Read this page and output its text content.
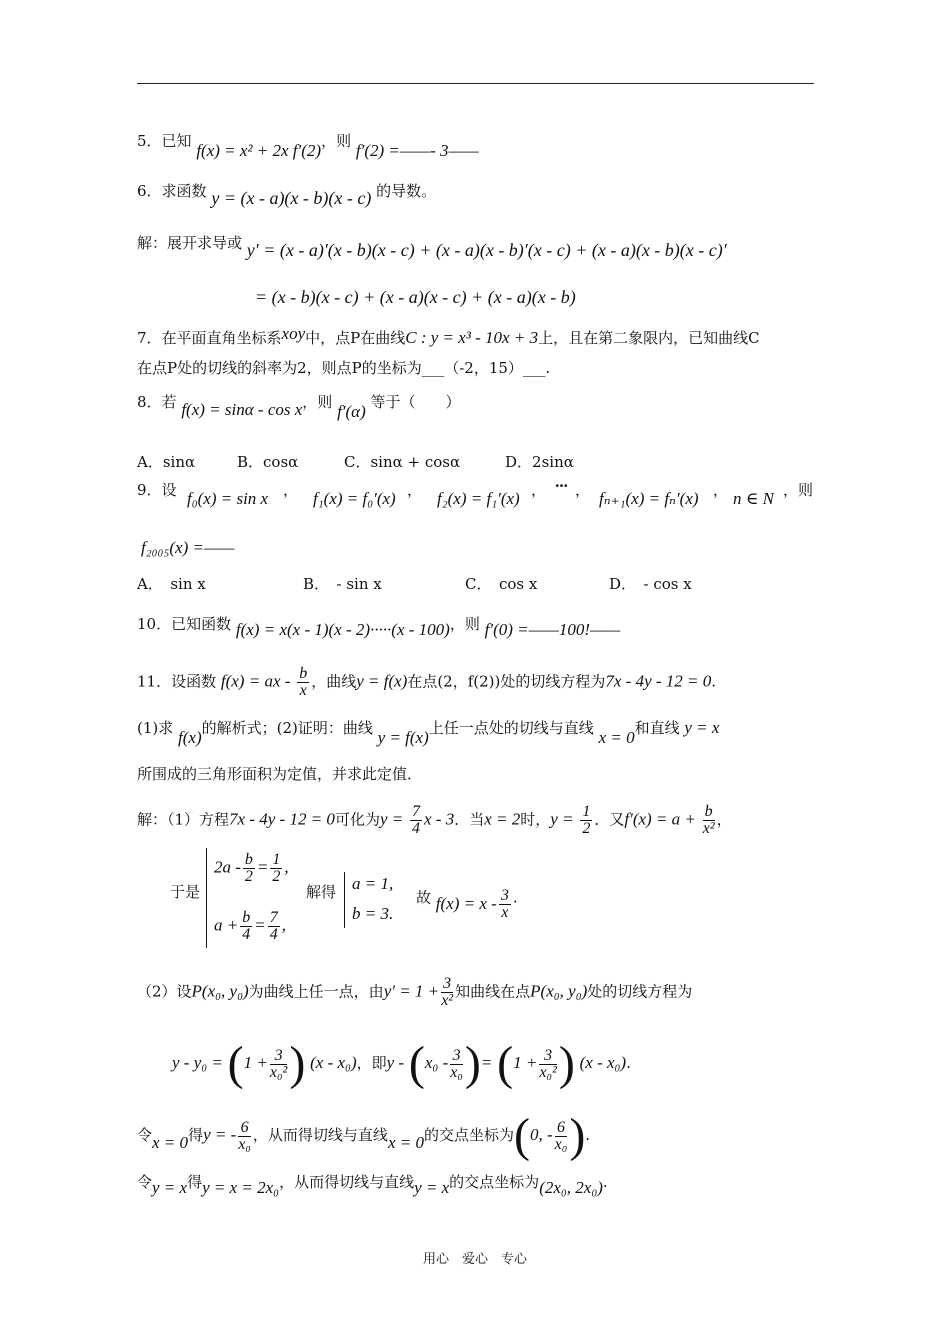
5．已知 f(x) = x² + 2x f′(2)，则 f′(2) =——- 3——
6．求函数 y = (x - a)(x - b)(x - c) 的导数。
解：展开求导或 y′ = (x - a)′(x - b)(x - c) + (x - a)(x - b)′(x - c) + (x - a)(x - b)(x - c)′
= (x - b)(x - c) + (x - a)(x - c) + (x - a)(x - b)
7．在平面直角坐标系xoy中，点P在曲线C : y = x³ - 10x + 3上，且在第二象限内，已知曲线C
在点P处的切线的斜率为2，则点P的坐标为___（-2，15）___.
8．若 f(x) = sinα - cos x，则 f′(α) 等于（　　）
A．sinα	B．cosα	C．sinα + cosα	D．2sinα
9．设 f₀(x) = sin x ， f₁(x) = f₀′(x) ， f₂(x) = f₁′(x) ， ··· ， fₙ₊₁(x) = fₙ′(x) ， n ∈ N ，则
f₂₀₀₅(x) =——
A．　sin x	B．　- sin x	C．　cos x	D．　- cos x
10．已知函数 f(x) = x(x - 1)(x - 2)·····(x - 100)，则 f′(0) =——100!——
11．设函数 f(x) = ax - $\frac{b}{x}$ ，曲线y = f(x)在点(2，f(2))处的切线方程为7x - 4y - 12 = 0.
(1)求 f(x)的解析式；(2)证明：曲线 y = f(x)上任一点处的切线与直线 x = 0和直线 y = x
所围成的三角形面积为定值，并求此定值．
解：（1）方程7x - 4y - 12 = 0可化为$y = \frac{7}{4}$ x - 3．当x = 2时，$y = \frac{1}{2}$ ．又$f'(x) = a + \frac{b}{\text{x²}}$ ，
于是
$2a - \frac{b}{2} = \frac{1}{2}$ ,
$a + \frac{b}{4} = \frac{7}{4}$ ,
解得 a = 1,
b = 3.
故 $f(x) = x - \frac{3}{x}$ .
（2）设P(x₀, y₀)为曲线上任一点，由$y' = 1 + \frac{3}{\text{x²}}$ 知曲线在点P(x₀, y₀)处的切线方程为
$y - y_0 = (1 + \frac{3}{\text{x₀²}}$ ) (x - x₀)，即y - ($x_0 - \frac{3}{\text{x₀}}$ )= ($1 + \frac{3}{\text{x₀²}}$ ) (x - x₀).
令x = 0得y = - $\frac{6}{\text{x₀}}$ ，从而得切线与直线x = 0的交点坐标为(0, - $\frac{6}{\text{x₀}}$ ).
令y = x得y = x = 2x₀，从而得切线与直线y = x的交点坐标为(2x₀, 2x₀).
用心　爱心　专心
